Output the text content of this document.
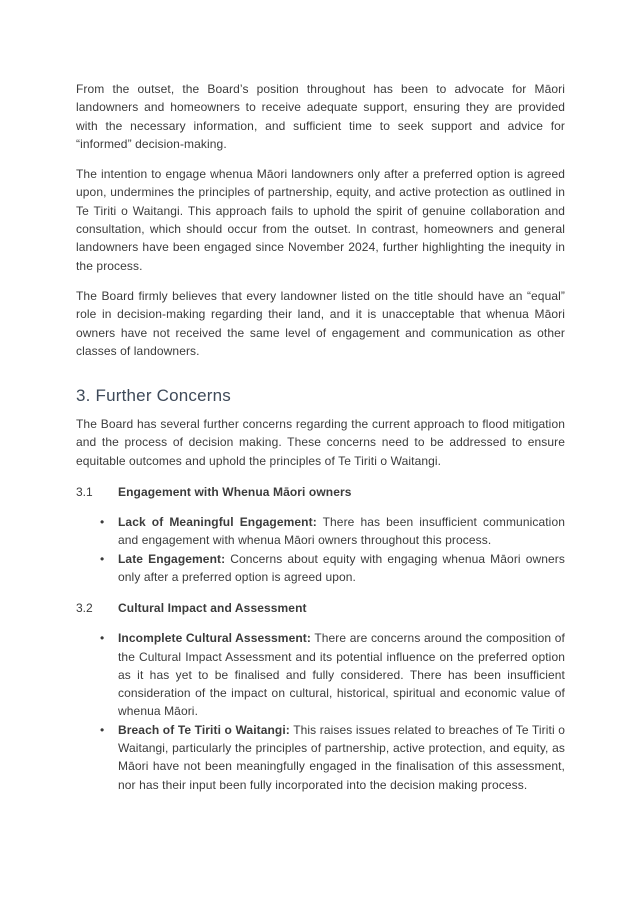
From the outset, the Board’s position throughout has been to advocate for Māori landowners and homeowners to receive adequate support, ensuring they are provided with the necessary information, and sufficient time to seek support and advice for “informed” decision-making.

The intention to engage whenua Māori landowners only after a preferred option is agreed upon, undermines the principles of partnership, equity, and active protection as outlined in Te Tiriti o Waitangi. This approach fails to uphold the spirit of genuine collaboration and consultation, which should occur from the outset. In contrast, homeowners and general landowners have been engaged since November 2024, further highlighting the inequity in the process.

The Board firmly believes that every landowner listed on the title should have an “equal” role in decision-making regarding their land, and it is unacceptable that whenua Māori owners have not received the same level of engagement and communication as other classes of landowners.

3. Further Concerns

The Board has several further concerns regarding the current approach to flood mitigation and the process of decision making. These concerns need to be addressed to ensure equitable outcomes and uphold the principles of Te Tiriti o Waitangi.

3.1	Engagement with Whenua Māori owners
•	Lack of Meaningful Engagement: There has been insufficient communication and engagement with whenua Māori owners throughout this process.
•	Late Engagement: Concerns about equity with engaging whenua Māori owners only after a preferred option is agreed upon.
3.2	Cultural Impact and Assessment
•	Incomplete Cultural Assessment: There are concerns around the composition of the Cultural Impact Assessment and its potential influence on the preferred option as it has yet to be finalised and fully considered. There has been insufficient consideration of the impact on cultural, historical, spiritual and economic value of whenua Māori.
•	Breach of Te Tiriti o Waitangi: This raises issues related to breaches of Te Tiriti o Waitangi, particularly the principles of partnership, active protection, and equity, as Māori have not been meaningfully engaged in the finalisation of this assessment, nor has their input been fully incorporated into the decision making process.
